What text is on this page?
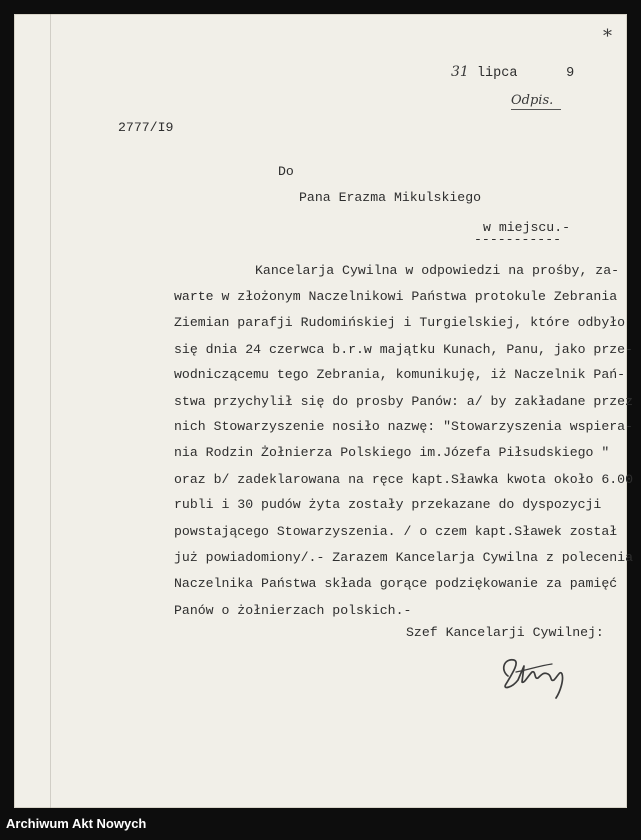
*
31 lipca	9
Odpis.
2777/I9
Do
Pana Erazma Mikulskiego
w miejscu.-
-----------
Kancelarja Cywilna w odpowiedzi na prośby, za-
warte w złożonym Naczelnikowi Państwa protokule Zebrania
Ziemian parafji Rudomińskiej i Turgielskiej, które odbyło
się dnia 24 czerwca b.r.w majątku Kunach, Panu, jako prze-
wodniczącemu tego Zebrania, komunikuję, iż Naczelnik Pań-
stwa przychylił się do prosby Panów: a/ by zakładane przez
nich Stowarzyszenie nosiło nazwę: "Stowarzyszenia wspiera-
nia Rodzin Żołnierza Polskiego im.Józefa Piłsudskiego "
oraz b/ zadeklarowana na ręce kapt.Sławka kwota około 6.00
rubli i 30 pudów żyta zostały przekazane do dyspozycji
powstającego Stowarzyszenia. / o czem kapt.Sławek został
już powiadomiony/.- Zarazem Kancelarja Cywilna z polecenia
Naczelnika Państwa składa gorące podziękowanie za pamięć
Panów o żołnierzach polskich.-
Szef Kancelarji Cywilnej:
Archiwum Akt Nowych
